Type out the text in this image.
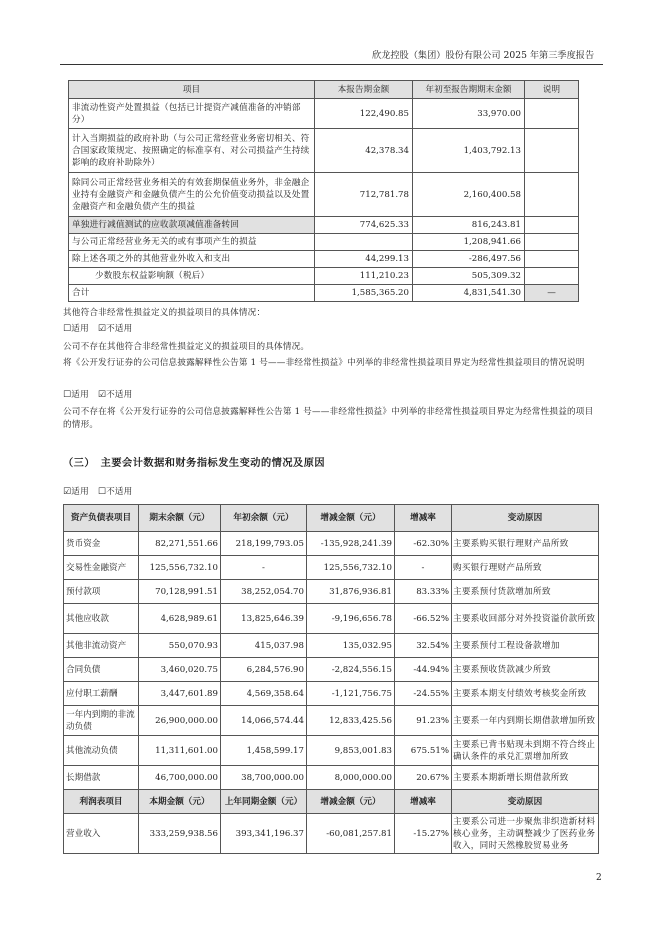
欣龙控股（集团）股份有限公司 2025 年第三季度报告
项目	本报告期金额	年初至报告期期末金额	说明
非流动性资产处置损益（包括已计提资产减值准备的冲销部分）	122,490.85	33,970.00	
计入当期损益的政府补助（与公司正常经营业务密切相关、符合国家政策规定、按照确定的标准享有、对公司损益产生持续影响的政府补助除外）	42,378.34	1,403,792.13	
除同公司正常经营业务相关的有效套期保值业务外，非金融企业持有金融资产和金融负债产生的公允价值变动损益以及处置金融资产和金融负债产生的损益	712,781.78	2,160,400.58	
单独进行减值测试的应收款项减值准备转回	774,625.33	816,243.81	
与公司正常经营业务无关的或有事项产生的损益		1,208,941.66	
除上述各项之外的其他营业外收入和支出	44,299.13	-286,497.56	
少数股东权益影响额（税后）	111,210.23	505,309.32	
合计	1,585,365.20	4,831,541.30	—
其他符合非经常性损益定义的损益项目的具体情况：
☐适用 ☑不适用
公司不存在其他符合非经常性损益定义的损益项目的具体情况。
将《公开发行证券的公司信息披露解释性公告第 1 号——非经常性损益》中列举的非经常性损益项目界定为经常性损益项目的情况说明
☐适用 ☑不适用
公司不存在将《公开发行证券的公司信息披露解释性公告第 1 号——非经常性损益》中列举的非经常性损益项目界定为经常性损益的项目的情形。
（三）　主要会计数据和财务指标发生变动的情况及原因
☑适用 ☐不适用
资产负债表项目	期末余额（元）	年初余额（元）	增减金额（元）	增减率	变动原因
货币资金	82,271,551.66	218,199,793.05	-135,928,241.39	-62.30%	主要系购买银行理财产品所致
交易性金融资产	125,556,732.10	-	125,556,732.10	-	购买银行理财产品所致
预付款项	70,128,991.51	38,252,054.70	31,876,936.81	83.33%	主要系预付货款增加所致
其他应收款	4,628,989.61	13,825,646.39	-9,196,656.78	-66.52%	主要系收回部分对外投资溢价款所致
其他非流动资产	550,070.93	415,037.98	135,032.95	32.54%	主要系预付工程设备款增加
合同负债	3,460,020.75	6,284,576.90	-2,824,556.15	-44.94%	主要系预收货款减少所致
应付职工薪酬	3,447,601.89	4,569,358.64	-1,121,756.75	-24.55%	主要系本期支付绩效考核奖金所致
一年内到期的非流动负债	26,900,000.00	14,066,574.44	12,833,425.56	91.23%	主要系一年内到期长期借款增加所致
其他流动负债	11,311,601.00	1,458,599.17	9,853,001.83	675.51%	主要系已背书贴现未到期不符合终止确认条件的承兑汇票增加所致
长期借款	46,700,000.00	38,700,000.00	8,000,000.00	20.67%	主要系本期新增长期借款所致
利润表项目	本期金额（元）	上年同期金额（元）	增减金额（元）	增减率	变动原因
营业收入	333,259,938.56	393,341,196.37	-60,081,257.81	-15.27%	主要系公司进一步聚焦非织造新材料核心业务，主动调整减少了医药业务收入，同时天然橡胶贸易业务
2
